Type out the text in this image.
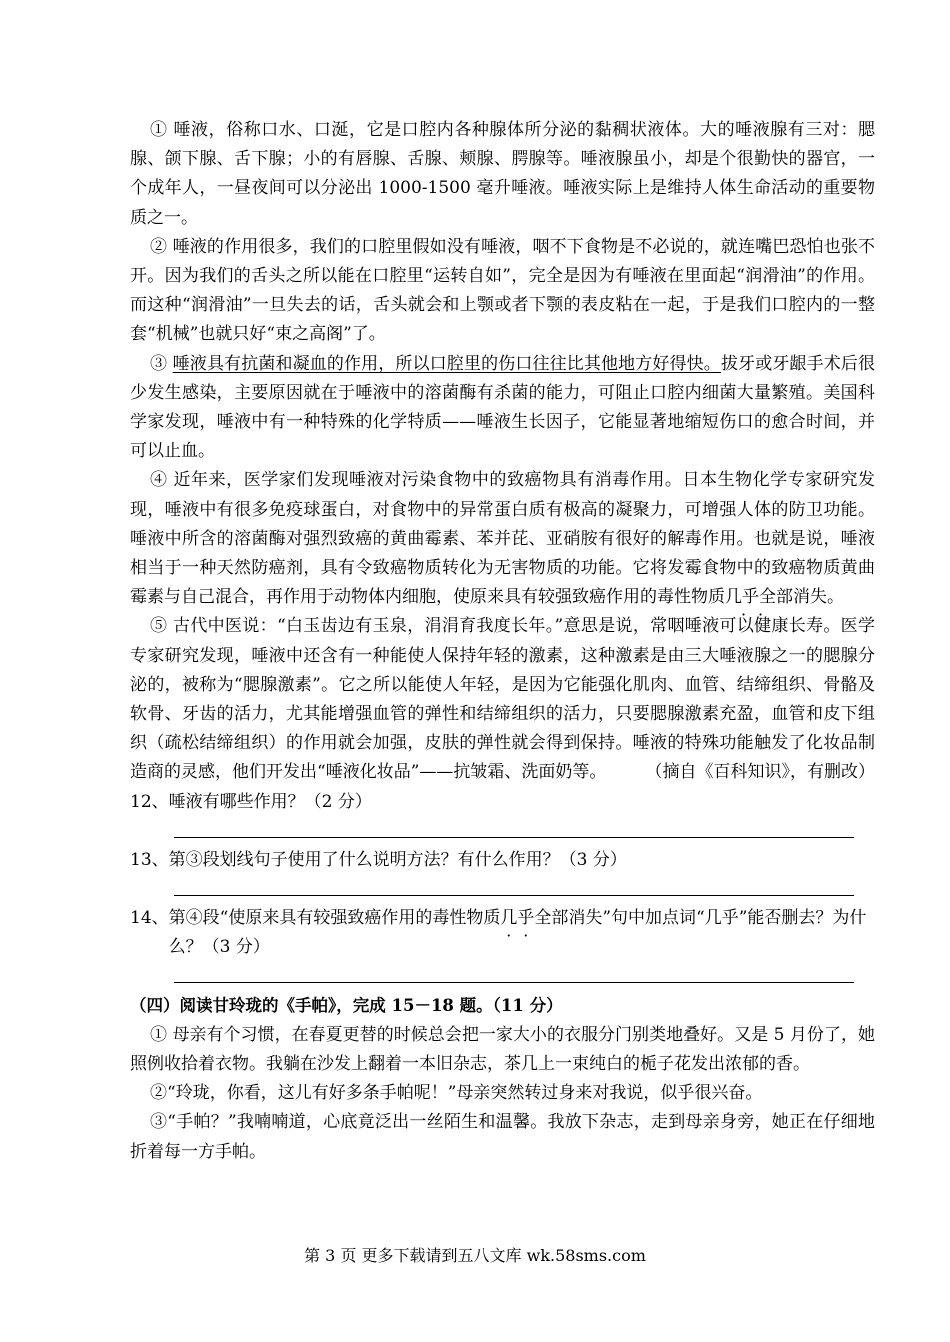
① 唾液，俗称口水、口涎，它是口腔内各种腺体所分泌的黏稠状液体。大的唾液腺有三对：腮腺、颌下腺、舌下腺；小的有唇腺、舌腺、颊腺、腭腺等。唾液腺虽小，却是个很勤快的器官，一个成年人，一昼夜间可以分泌出 1000-1500 毫升唾液。唾液实际上是维持人体生命活动的重要物质之一。

② 唾液的作用很多，我们的口腔里假如没有唾液，咽不下食物是不必说的，就连嘴巴恐怕也张不开。因为我们的舌头之所以能在口腔里“运转自如”，完全是因为有唾液在里面起“润滑油”的作用。而这种“润滑油”一旦失去的话，舌头就会和上颚或者下颚的表皮粘在一起，于是我们口腔内的一整套“机械”也就只好“束之高阁”了。

③ 唾液具有抗菌和凝血的作用，所以口腔里的伤口往往比其他地方好得快。拔牙或牙龈手术后很少发生感染，主要原因就在于唾液中的溶菌酶有杀菌的能力，可阻止口腔内细菌大量繁殖。美国科学家发现，唾液中有一种特殊的化学特质——唾液生长因子，它能显著地缩短伤口的愈合时间，并可以止血。

④ 近年来，医学家们发现唾液对污染食物中的致癌物具有消毒作用。日本生物化学专家研究发现，唾液中有很多免疫球蛋白，对食物中的异常蛋白质有极高的凝聚力，可增强人体的防卫功能。唾液中所含的溶菌酶对强烈致癌的黄曲霉素、苯并芘、亚硝胺有很好的解毒作用。也就是说，唾液相当于一种天然防癌剂，具有令致癌物质转化为无害物质的功能。它将发霉食物中的致癌物质黄曲霉素与自己混合，再作用于动物体内细胞，使原来具有较强致癌作用的毒性物质几乎全部消失。

⑤ 古代中医说：“白玉齿边有玉泉，涓涓育我度长年。”意思是说，常咽唾液可以健康长寿。医学专家研究发现，唾液中还含有一种能使人保持年轻的激素，这种激素是由三大唾液腺之一的腮腺分泌的，被称为“腮腺激素”。它之所以能使人年轻，是因为它能强化肌肉、血管、结缔组织、骨骼及软骨、牙齿的活力，尤其能增强血管的弹性和结缔组织的活力，只要腮腺激素充盈，血管和皮下组织（疏松结缔组织）的作用就会加强，皮肤的弹性就会得到保持。唾液的特殊功能触发了化妆品制造商的灵感，他们开发出“唾液化妆品”——抗皱霜、洗面奶等。	（摘自《百科知识》，有删改）

12、唾液有哪些作用？（2 分）

13、第③段划线句子使用了什么说明方法？有什么作用？（3 分）

14、 第④段“使原来具有较强致癌作用的毒性物质几乎全部消失”句中加点词“几乎”能否删去？为什么？（3 分）

（四）阅读甘玲珑的《手帕》，完成 15－18 题。（11 分）

① 母亲有个习惯，在春夏更替的时候总会把一家大小的衣服分门别类地叠好。又是 5 月份了，她照例收拾着衣物。我躺在沙发上翻着一本旧杂志，茶几上一束纯白的栀子花发出浓郁的香。

②“玲珑，你看，这儿有好多条手帕呢！”母亲突然转过身来对我说，似乎很兴奋。

③“手帕？”我喃喃道，心底竟泛出一丝陌生和温馨。我放下杂志，走到母亲身旁，她正在仔细地折着每一方手帕。

第 3 页 更多下载请到五八文库 wk.58sms.com
